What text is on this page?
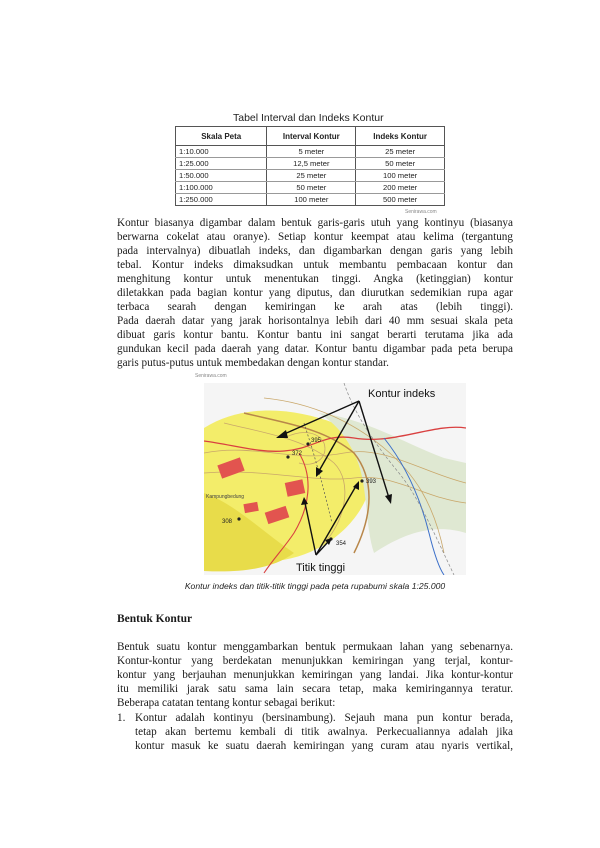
Tabel Interval dan Indeks Kontur
Skala Peta	Interval Kontur	Indeks Kontur
1:10.000	5 meter	25 meter
1:25.000	12,5 meter	50 meter
1:50.000	25 meter	100 meter
1:100.000	50 meter	200 meter
1:250.000	100 meter	500 meter
Senirawa.com
Kontur biasanya digambar dalam bentuk garis-garis utuh yang kontinyu (biasanya
berwarna cokelat atau oranye). Setiap kontur keempat atau kelima (tergantung
pada intervalnya) dibuatlah indeks, dan digambarkan dengan garis yang lebih
tebal. Kontur indeks dimaksudkan untuk membantu pembacaan kontur dan
menghitung kontur untuk menentukan tinggi. Angka (ketinggian) kontur
diletakkan pada bagian kontur yang diputus, dan diurutkan sedemikian rupa agar
terbaca searah dengan kemiringan ke arah atas (lebih tinggi).
Pada daerah datar yang jarak horisontalnya lebih dari 40 mm sesuai skala peta
dibuat garis kontur bantu. Kontur bantu ini sangat berarti terutama jika ada
gundukan kecil pada daerah yang datar. Kontur bantu digambar pada peta berupa
garis putus-putus untuk membedakan dengan kontur standar.
Senirawa.com
372
395
393
354
308
Kampungbedung
Kontur indeks
Titik tinggi
Kontur indeks dan titik-titik tinggi pada peta rupabumi skala 1:25.000
Bentuk Kontur
Bentuk suatu kontur menggambarkan bentuk permukaan lahan yang sebenarnya.
Kontur-kontur yang berdekatan menunjukkan kemiringan yang terjal, kontur-
kontur yang berjauhan menunjukkan kemiringan yang landai. Jika kontur-kontur
itu memiliki jarak satu sama lain secara tetap, maka kemiringannya teratur.
Beberapa catatan tentang kontur sebagai berikut:
1. Kontur adalah kontinyu (bersinambung). Sejauh mana pun kontur berada,
tetap akan bertemu kembali di titik awalnya. Perkecualiannya adalah jika
kontur masuk ke suatu daerah kemiringan yang curam atau nyaris vertikal,
